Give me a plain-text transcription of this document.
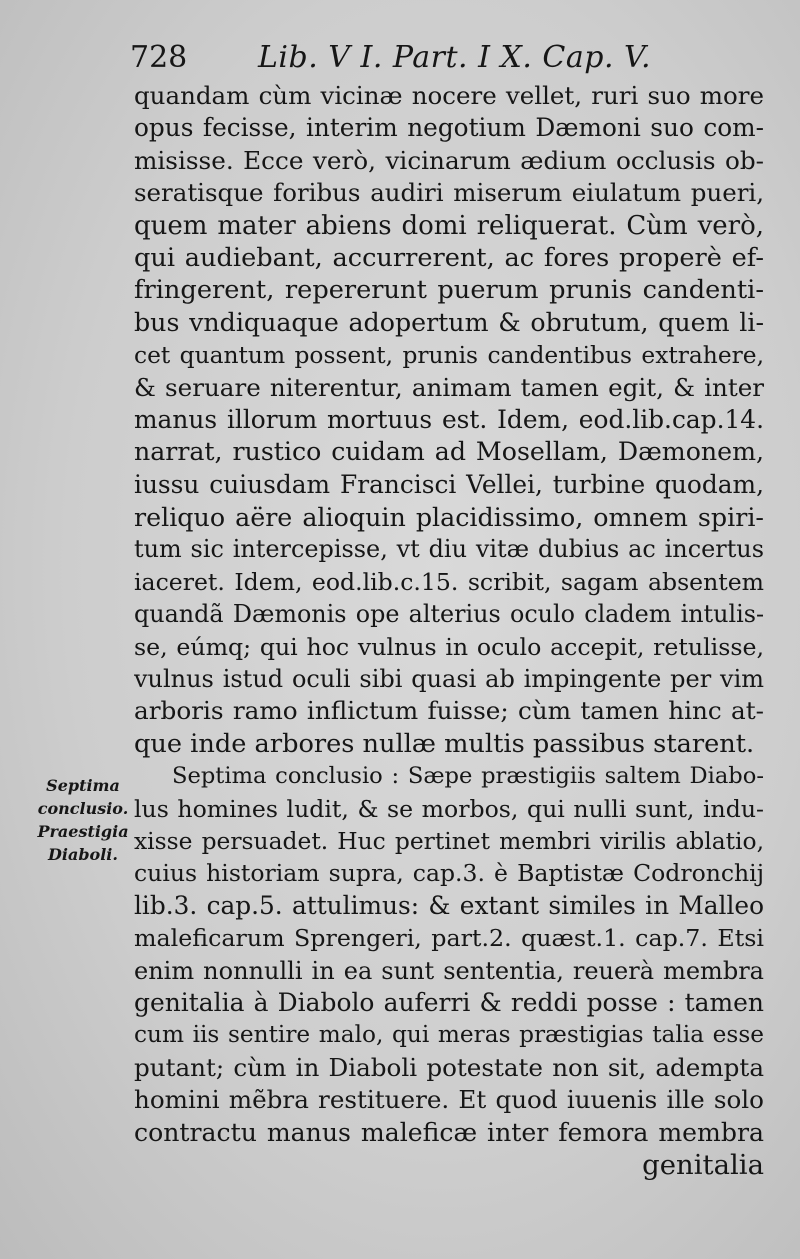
728 Lib. V I. Part. I X. Cap. V.
Septima
conclusio.
Praestigia
Diaboli.
quandam cùm vicinæ nocere vellet, ruri suo more
opus fecisse, interim negotium Dæmoni suo com-
misisse. Ecce verò, vicinarum ædium occlusis ob-
seratisque foribus audiri miserum eiulatum pueri,
quem mater abiens domi reliquerat. Cùm verò,
qui audiebant, accurrerent, ac fores properè ef-
fringerent, repererunt puerum prunis candenti-
bus vndiquaque adopertum & obrutum, quem li-
cet quantum possent, prunis candentibus extrahere,
& seruare niterentur, animam tamen egit, & inter
manus illorum mortuus est. Idem, eod.lib.cap.14.
narrat, rustico cuidam ad Mosellam, Dæmonem,
iussu cuiusdam Francisci Vellei, turbine quodam,
reliquo aëre alioquin placidissimo, omnem spiri-
tum sic intercepisse, vt diu vitæ dubius ac incertus
iaceret. Idem, eod.lib.c.15. scribit, sagam absentem
quandã Dæmonis ope alterius oculo cladem intulis-
se, eúmq; qui hoc vulnus in oculo accepit, retulisse,
vulnus istud oculi sibi quasi ab impingente per vim
arboris ramo inflictum fuisse; cùm tamen hinc at-
que inde arbores nullæ multis passibus starent.
Septima conclusio : Sæpe præstigiis saltem Diabo-
lus homines ludit, & se morbos, qui nulli sunt, indu-
xisse persuadet. Huc pertinet membri virilis ablatio,
cuius historiam supra, cap.3. è Baptistæ Codronchij
lib.3. cap.5. attulimus: & extant similes in Malleo
maleficarum Sprengeri, part.2. quæst.1. cap.7. Etsi
enim nonnulli in ea sunt sententia, reuerà membra
genitalia à Diabolo auferri & reddi posse : tamen
cum iis sentire malo, qui meras præstigias talia esse
putant; cùm in Diaboli potestate non sit, adempta
homini mẽbra restituere. Et quod iuuenis ille solo
contractu manus maleficæ inter femora membra
genitalia
